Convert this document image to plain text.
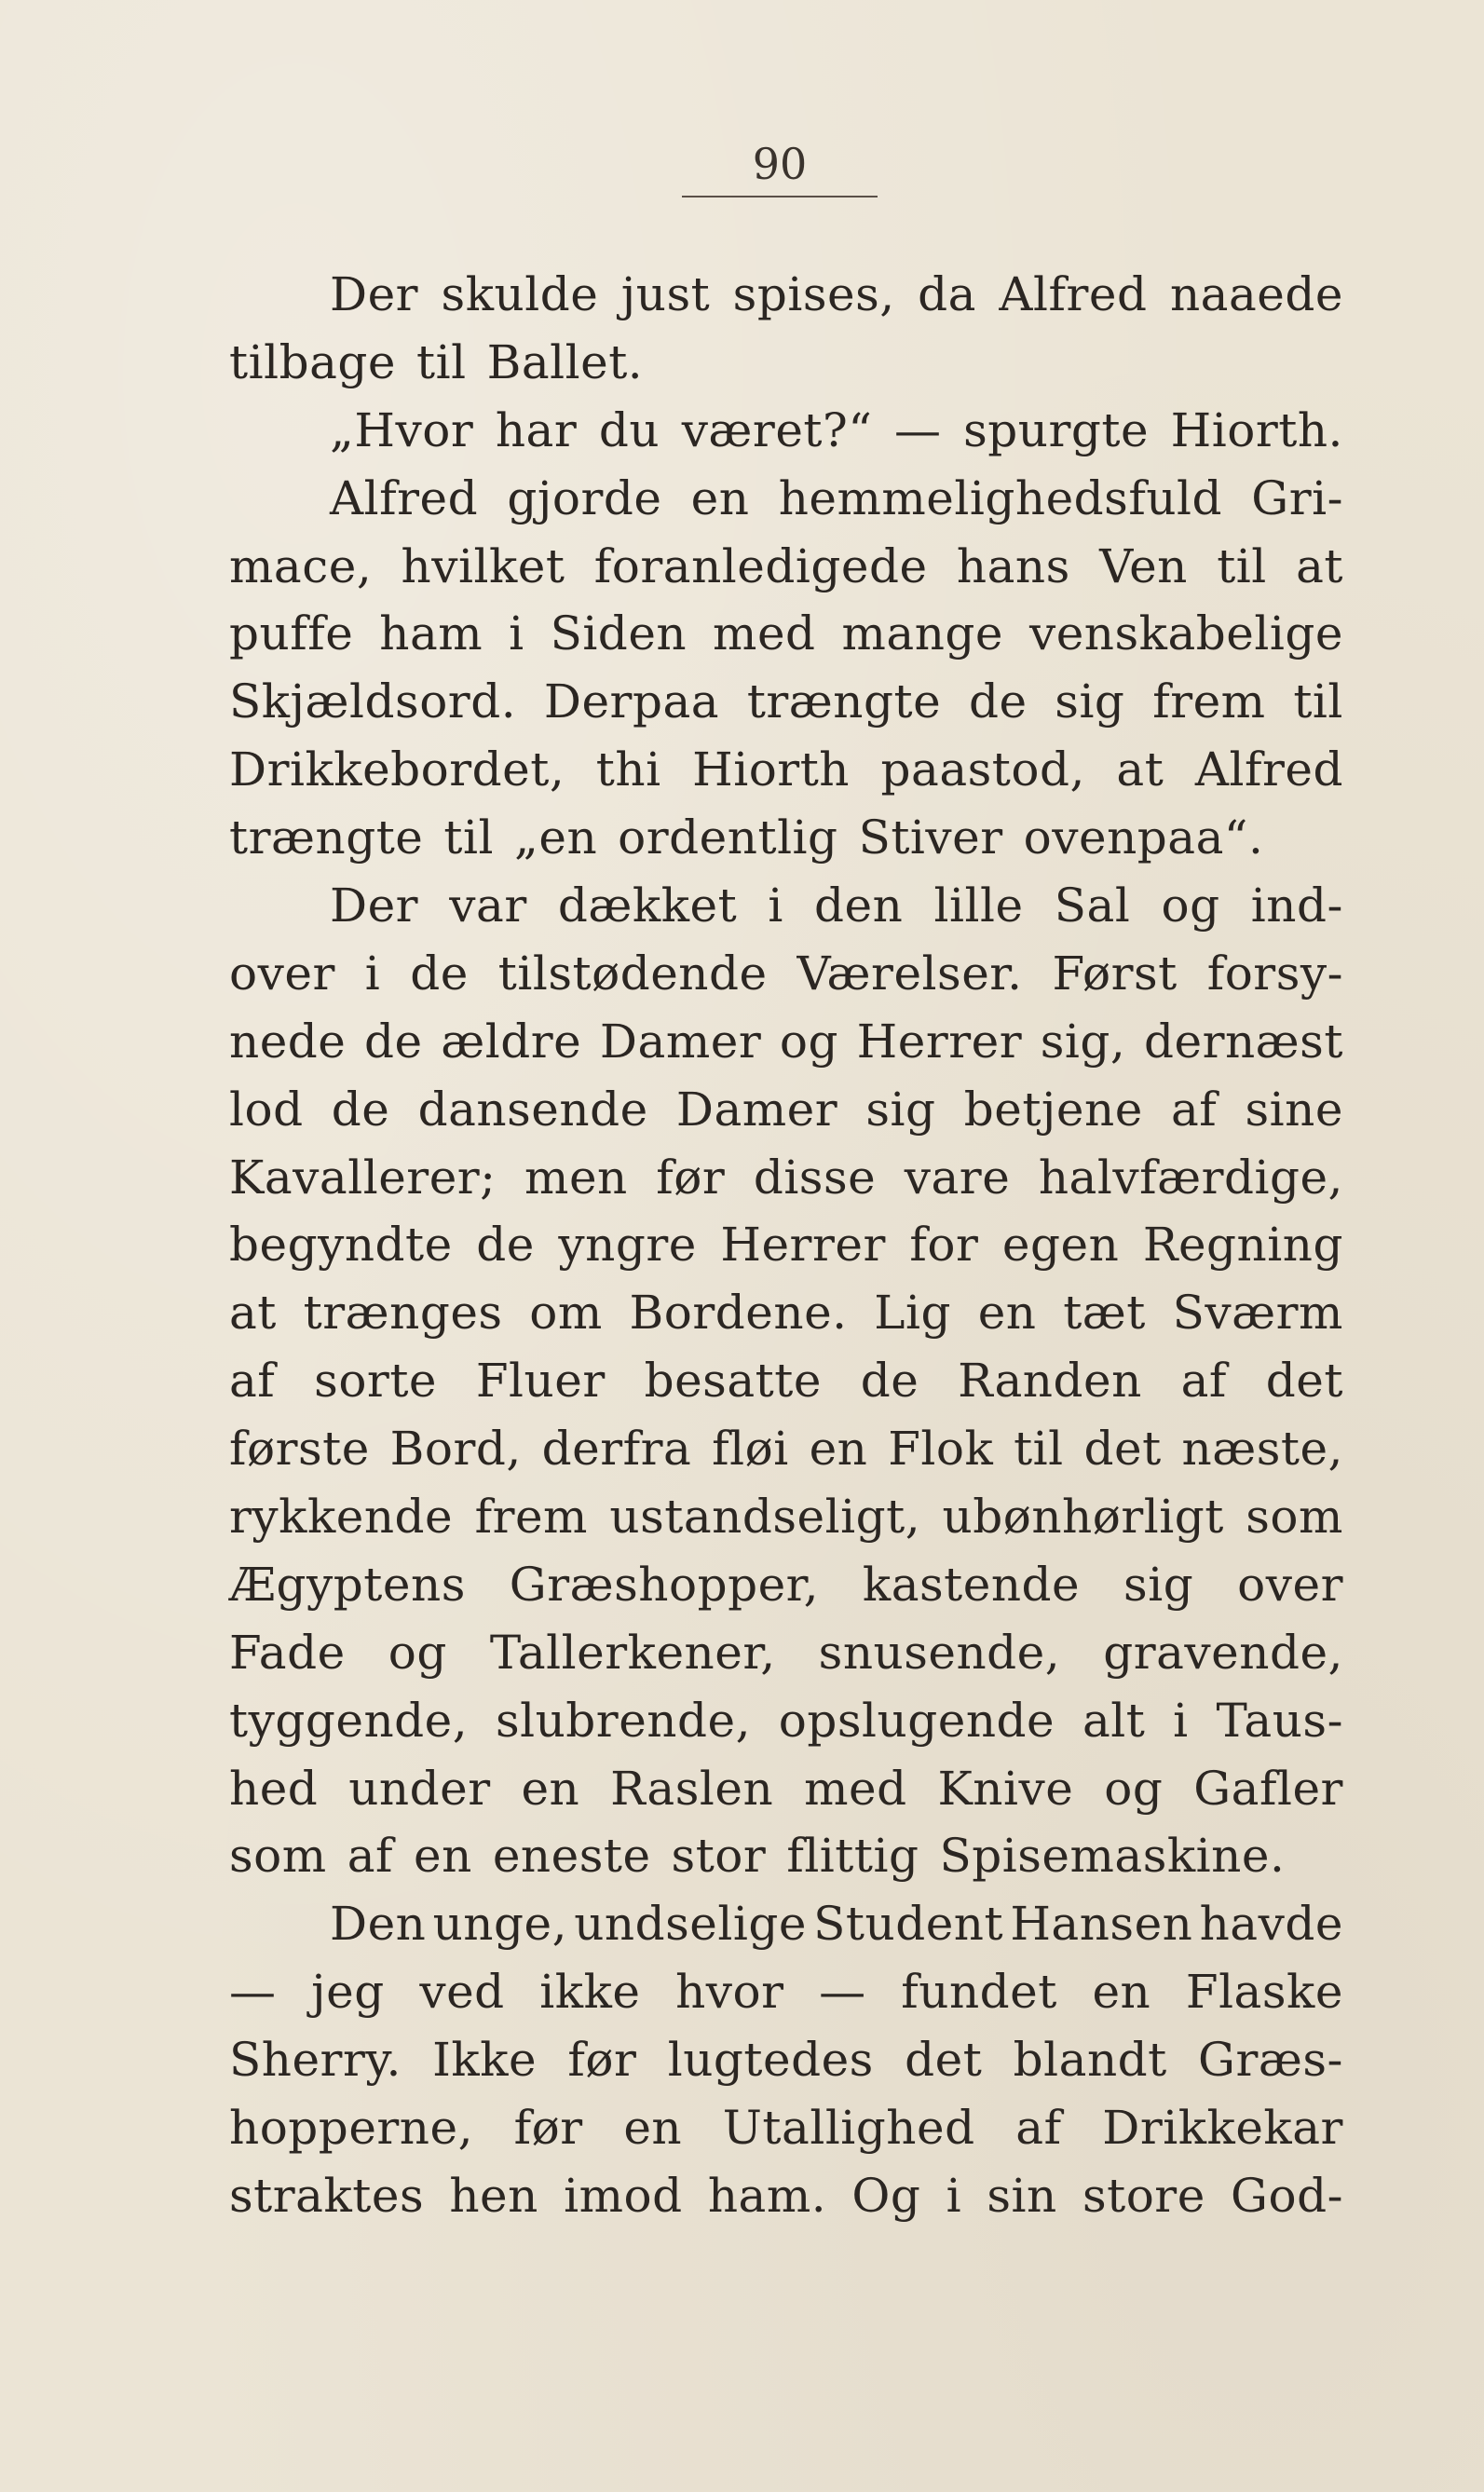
90
Der skulde just spises, da Alfred naaede
tilbage til Ballet.
„Hvor har du været?“ — spurgte Hiorth.
Alfred gjorde en hemmelighedsfuld Gri-
mace, hvilket foranledigede hans Ven til at
puffe ham i Siden med mange venskabelige
Skjældsord. Derpaa trængte de sig frem til
Drikkebordet, thi Hiorth paastod, at Alfred
trængte til „en ordentlig Stiver ovenpaa“.
Der var dækket i den lille Sal og ind-
over i de tilstødende Værelser. Først forsy-
nede de ældre Damer og Herrer sig, dernæst
lod de dansende Damer sig betjene af sine
Kavallerer; men før disse vare halvfærdige,
begyndte de yngre Herrer for egen Regning
at trænges om Bordene. Lig en tæt Sværm
af sorte Fluer besatte de Randen af det
første Bord, derfra fløi en Flok til det næste,
rykkende frem ustandseligt, ubønhørligt som
Ægyptens Græshopper, kastende sig over
Fade og Tallerkener, snusende, gravende,
tyggende, slubrende, opslugende alt i Taus-
hed under en Raslen med Knive og Gafler
som af en eneste stor flittig Spisemaskine.
Den unge, undselige Student Hansen havde
— jeg ved ikke hvor — fundet en Flaske
Sherry. Ikke før lugtedes det blandt Græs-
hopperne, før en Utallighed af Drikkekar
straktes hen imod ham. Og i sin store God-
